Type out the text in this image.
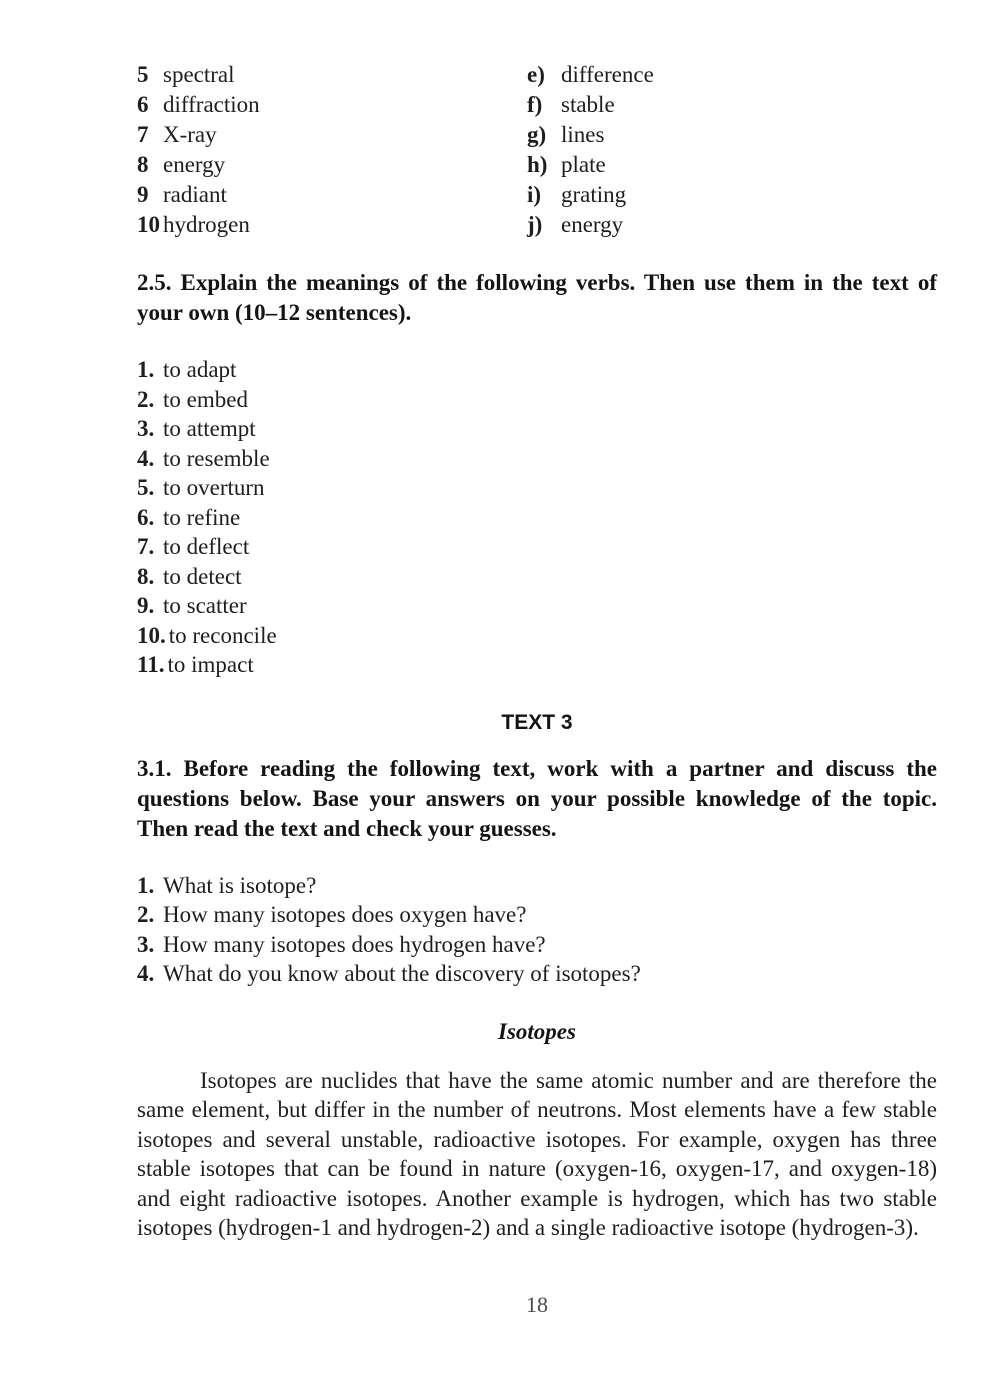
5 spectral
6 diffraction
7 X-ray
8 energy
9 radiant
10 hydrogen
e) difference
f) stable
g) lines
h) plate
i) grating
j) energy
2.5. Explain the meanings of the following verbs. Then use them in the text of your own (10–12 sentences).
1. to adapt
2. to embed
3. to attempt
4. to resemble
5. to overturn
6. to refine
7. to deflect
8. to detect
9. to scatter
10. to reconcile
11. to impact
TEXT 3
3.1. Before reading the following text, work with a partner and discuss the questions below. Base your answers on your possible knowledge of the topic. Then read the text and check your guesses.
1. What is isotope?
2. How many isotopes does oxygen have?
3. How many isotopes does hydrogen have?
4. What do you know about the discovery of isotopes?
Isotopes
Isotopes are nuclides that have the same atomic number and are therefore the same element, but differ in the number of neutrons. Most elements have a few stable isotopes and several unstable, radioactive isotopes. For example, oxygen has three stable isotopes that can be found in nature (oxygen-16, oxygen-17, and oxygen-18) and eight radioactive isotopes. Another example is hydrogen, which has two stable isotopes (hydrogen-1 and hydrogen-2) and a single radioactive isotope (hydrogen-3).
18
